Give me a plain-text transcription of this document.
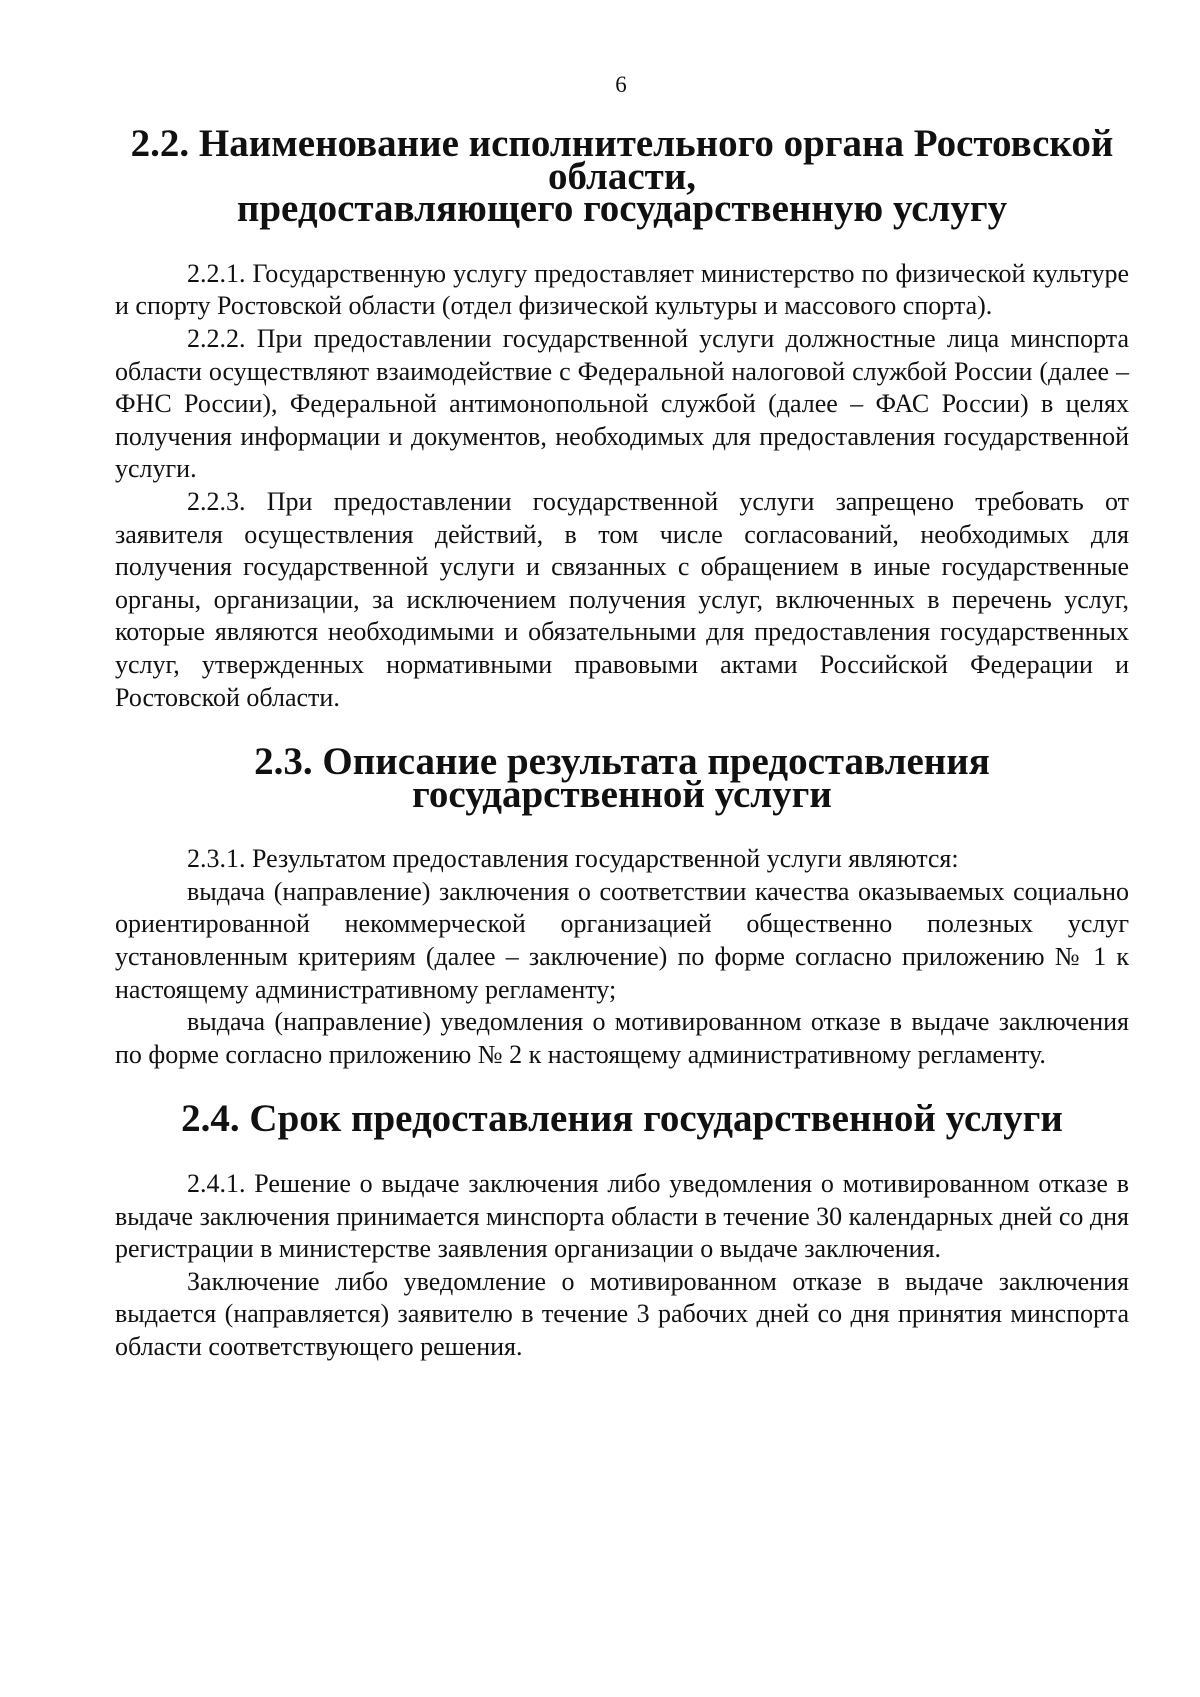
6
2.2. Наименование исполнительного органа Ростовской области,
предоставляющего государственную услугу

2.2.1. Государственную услугу предоставляет министерство по физической культуре и спорту Ростовской области (отдел физической культуры и массового спорта).

2.2.2. При предоставлении государственной услуги должностные лица минспорта области осуществляют взаимодействие с Федеральной налоговой службой России (далее – ФНС России), Федеральной антимонопольной службой (далее – ФАС России) в целях получения информации и документов, необходимых для предоставления государственной услуги.

2.2.3. При предоставлении государственной услуги запрещено требовать от заявителя осуществления действий, в том числе согласований, необходимых для получения государственной услуги и связанных с обращением в иные государственные органы, организации, за исключением получения услуг, включенных в перечень услуг, которые являются необходимыми и обязательными для предоставления государственных услуг, утвержденных нормативными правовыми актами Российской Федерации и Ростовской области.

2.3. Описание результата предоставления государственной услуги

2.3.1. Результатом предоставления государственной услуги являются:

выдача (направление) заключения о соответствии качества оказываемых социально ориентированной некоммерческой организацией общественно полезных услуг установленным критериям (далее – заключение) по форме согласно приложению № 1 к настоящему административному регламенту;

выдача (направление) уведомления о мотивированном отказе в выдаче заключения по форме согласно приложению № 2 к настоящему административному регламенту.

2.4. Срок предоставления государственной услуги

2.4.1. Решение о выдаче заключения либо уведомления о мотивированном отказе в выдаче заключения принимается минспорта области в течение 30 календарных дней со дня регистрации в министерстве заявления организации о выдаче заключения.

Заключение либо уведомление о мотивированном отказе в выдаче заключения выдается (направляется) заявителю в течение 3 рабочих дней со дня принятия минспорта области соответствующего решения.
